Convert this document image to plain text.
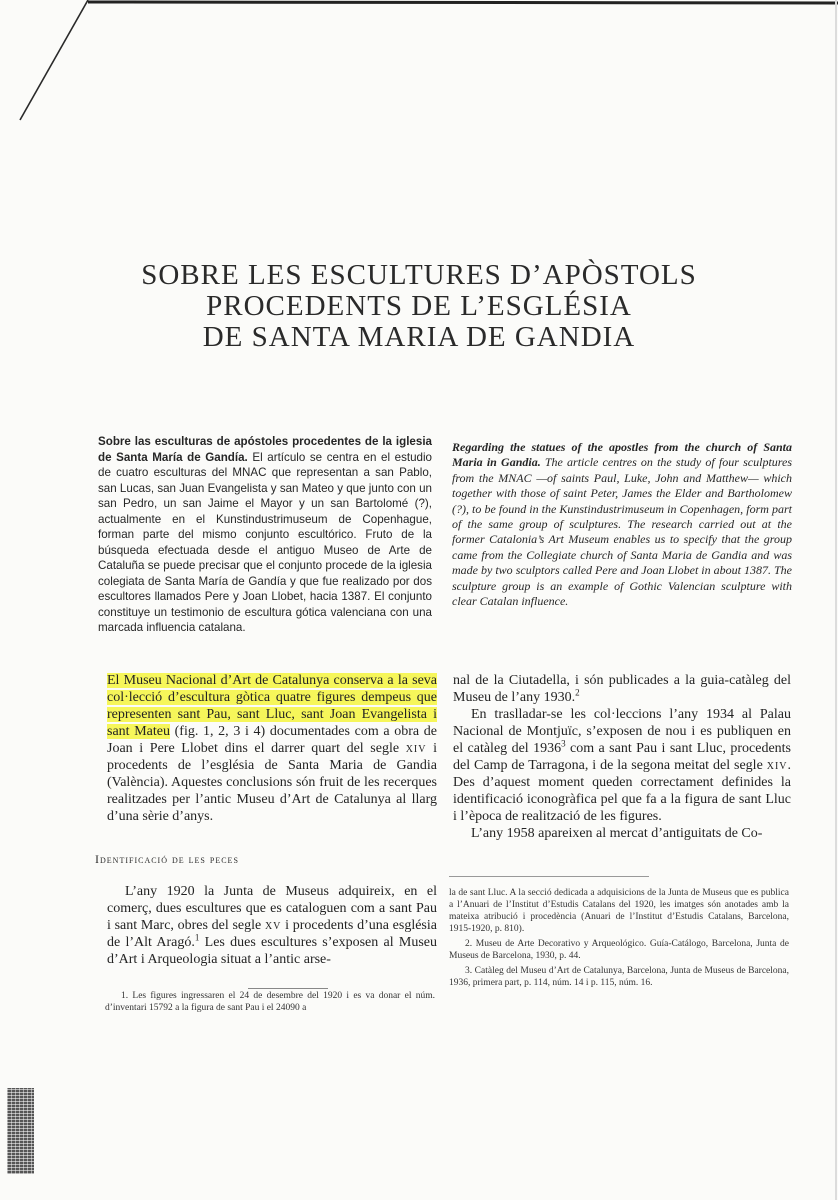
SOBRE LES ESCULTURES D’APÒSTOLS
PROCEDENTS DE L’ESGLÉSIA
DE SANTA MARIA DE GANDIA
Sobre las esculturas de apóstoles procedentes de la iglesia de Santa María de Gandía. El artículo se centra en el estudio de cuatro esculturas del MNAC que representan a san Pablo, san Lucas, san Juan Evangelista y san Mateo y que junto con un san Pedro, un san Jaime el Mayor y un san Bartolomé (?), actualmente en el Kunstindustrimuseum de Copenhague, forman parte del mismo conjunto escultórico. Fruto de la búsqueda efectuada desde el antiguo Museo de Arte de Cataluña se puede precisar que el conjunto procede de la iglesia colegiata de Santa María de Gandía y que fue realizado por dos escultores llamados Pere y Joan Llobet, hacia 1387. El conjunto constituye un testimonio de escultura gótica valenciana con una marcada influencia catalana.
Regarding the statues of the apostles from the church of Santa Maria in Gandia. The article centres on the study of four sculptures from the MNAC —of saints Paul, Luke, John and Matthew— which together with those of saint Peter, James the Elder and Bartholomew (?), to be found in the Kunstindustrimuseum in Copenhagen, form part of the same group of sculptures. The research carried out at the former Catalonia’s Art Museum enables us to specify that the group came from the Collegiate church of Santa Maria de Gandia and was made by two sculptors called Pere and Joan Llobet in about 1387. The sculpture group is an example of Gothic Valencian sculpture with clear Catalan influence.

El Museu Nacional d’Art de Catalunya conserva a la seva col·lecció d’escultura gòtica quatre figures dempeus que representen sant Pau, sant Lluc, sant Joan Evangelista i sant Mateu (fig. 1, 2, 3 i 4) documentades com a obra de Joan i Pere Llobet dins el darrer quart del segle xiv i procedents de l’església de Santa Maria de Gandia (València). Aquestes conclusions són fruit de les recerques realitzades per l’antic Museu d’Art de Catalunya al llarg d’una sèrie d’anys.

Identificació de les peces

L’any 1920 la Junta de Museus adquireix, en el comerç, dues escultures que es cataloguen com a sant Pau i sant Marc, obres del segle xv i procedents d’una església de l’Alt Aragó.$^1$ Les dues escultures s’exposen al Museu d’Art i Arqueologia situat a l’antic arse-

nal de la Ciutadella, i són publicades a la guia-catàleg del Museu de l’any 1930.$^2$

En traslladar-se les col·leccions l’any 1934 al Palau Nacional de Montjuïc, s’exposen de nou i es publiquen en el catàleg del 1936$^3$ com a sant Pau i sant Lluc, procedents del Camp de Tarragona, i de la segona meitat del segle xiv. Des d’aquest moment queden correctament definides la identificació iconogràfica pel que fa a la figura de sant Lluc i l’època de realització de les figures.

L’any 1958 apareixen al mercat d’antiguitats de Co-

la de sant Lluc. A la secció dedicada a adquisicions de la Junta de Museus que es publica a l’Anuari de l’Institut d’Estudis Catalans del 1920, les imatges són anotades amb la mateixa atribució i procedència (Anuari de l’Institut d’Estudis Catalans, Barcelona, 1915-1920, p. 810).

2. Museu de Arte Decorativo y Arqueológico. Guía-Catálogo, Barcelona, Junta de Museus de Barcelona, 1930, p. 44.

3. Catàleg del Museu d’Art de Catalunya, Barcelona, Junta de Museus de Barcelona, 1936, primera part, p. 114, núm. 14 i p. 115, núm. 16.

1. Les figures ingressaren el 24 de desembre del 1920 i es va donar el núm. d’inventari 15792 a la figura de sant Pau i el 24090 a
